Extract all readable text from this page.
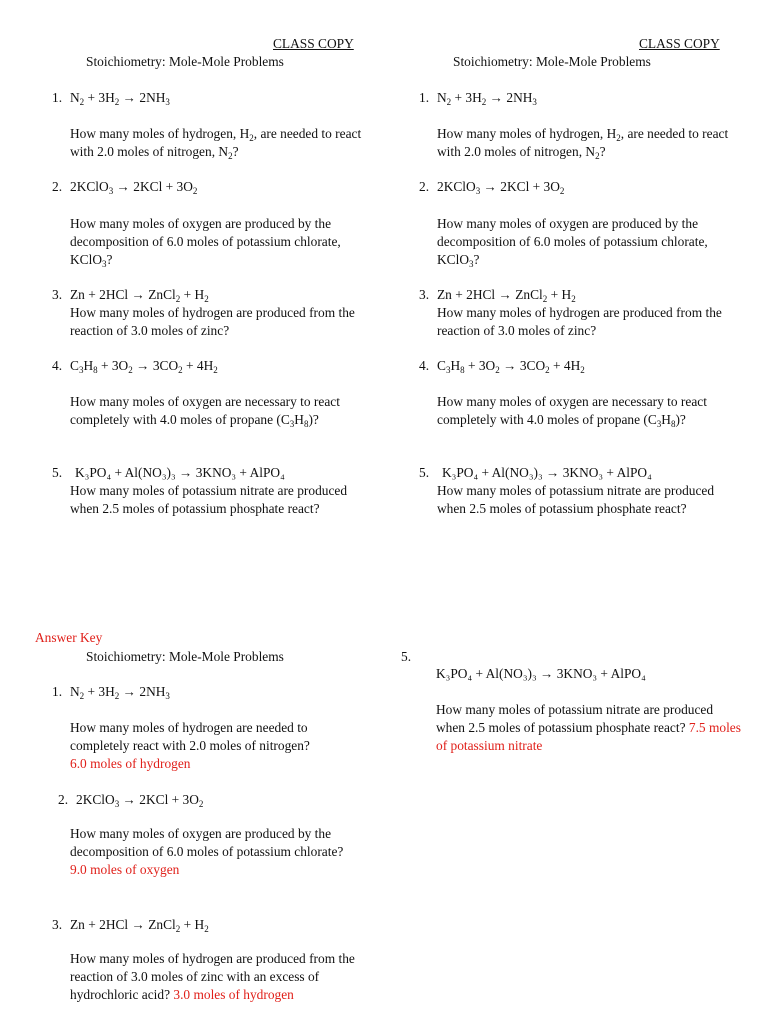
CLASS COPY
Stoichiometry: Mole-Mole Problems
CLASS COPY
Stoichiometry: Mole-Mole Problems
1. $N_2 + 3H_2 \to 2NH_3$
How many moles of hydrogen, $H_2$, are needed to react with 2.0 moles of nitrogen, $N_2$?
2. 2KClO$_3$ → $2KCl + 3O_2$
How many moles of oxygen are produced by the decomposition of 6.0 moles of potassium chlorate, KClO$_3$?
3. Zn + 2HCl → ZnCl$_2$ + $H_2$
How many moles of hydrogen are produced from the reaction of 3.0 moles of zinc?
4. $C_3H_8 + 3O_2 \to 3CO_2 + 4H_2$
How many moles of oxygen are necessary to react completely with 4.0 moles of propane $(C_3H_8)$?
5. K₃PO₄ + Al(NO₃)₃ → 3KNO₃ + AlPO₄
How many moles of potassium nitrate are produced when 2.5 moles of potassium phosphate react?
1. $N_2 + 3H_2 \to 2NH_3$
How many moles of hydrogen, $H_2$, are needed to react with 2.0 moles of nitrogen, $N_2$?
2. 2KClO$_3$ → $2KCl + 3O_2$
How many moles of oxygen are produced by the decomposition of 6.0 moles of potassium chlorate, KClO$_3$?
3. Zn + 2HCl → ZnCl$_2$ + $H_2$
How many moles of hydrogen are produced from the reaction of 3.0 moles of zinc?
4. $C_3H_8 + 3O_2 \to 3CO_2 + 4H_2$
How many moles of oxygen are necessary to react completely with 4.0 moles of propane $(C_3H_8)$?
5. K₃PO₄ + Al(NO₃)₃ → 3KNO₃ + AlPO₄
How many moles of potassium nitrate are produced when 2.5 moles of potassium phosphate react?
Answer Key
Stoichiometry: Mole-Mole Problems
1. $N_2 + 3H_2 \to 2NH_3$
How many moles of hydrogen are needed to completely react with 2.0 moles of nitrogen?
6.0 moles of hydrogen
2. 2KClO$_3$ → $2KCl + 3O_2$
How many moles of oxygen are produced by the decomposition of 6.0 moles of potassium chlorate? 9.0 moles of oxygen
3. Zn + 2HCl → ZnCl$_2$ + $H_2$
How many moles of hydrogen are produced from the reaction of 3.0 moles of zinc with an excess of hydrochloric acid? 3.0 moles of hydrogen
5.
K₃PO₄ + Al(NO₃)₃ → 3KNO₃ + AlPO₄
How many moles of potassium nitrate are produced when 2.5 moles of potassium phosphate react? 7.5 moles of potassium nitrate
